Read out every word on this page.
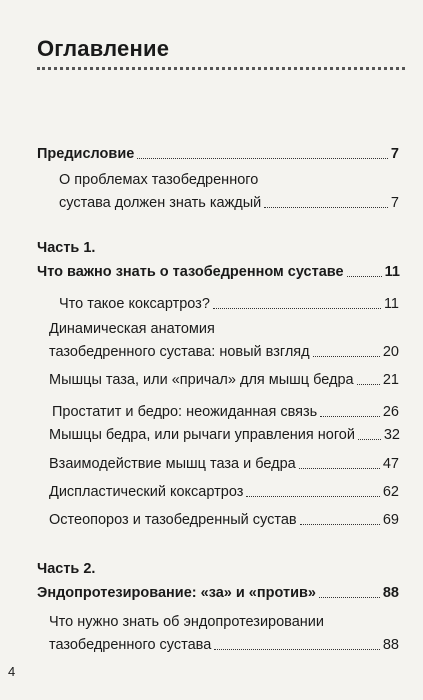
Оглавление
Предисловие	7
О проблемах тазобедренного
сустава должен знать каждый	7
Часть 1.
Что важно знать о тазобедренном суставе	11
Что такое коксартроз?	11
Динамическая анатомия
тазобедренного сустава: новый взгляд	20
Мышцы таза, или «причал» для мышц бедра 21
Простатит и бедро: неожиданная связь	26
Мышцы бедра, или рычаги управления ногой 32
Взаимодействие мышц таза и бедра	47
Диспластический коксартроз	62
Остеопороз и тазобедренный сустав	69
Часть 2.
Эндопротезирование: «за» и «против»	88
Что нужно знать об эндопротезировании
тазобедренного сустава	88
4
